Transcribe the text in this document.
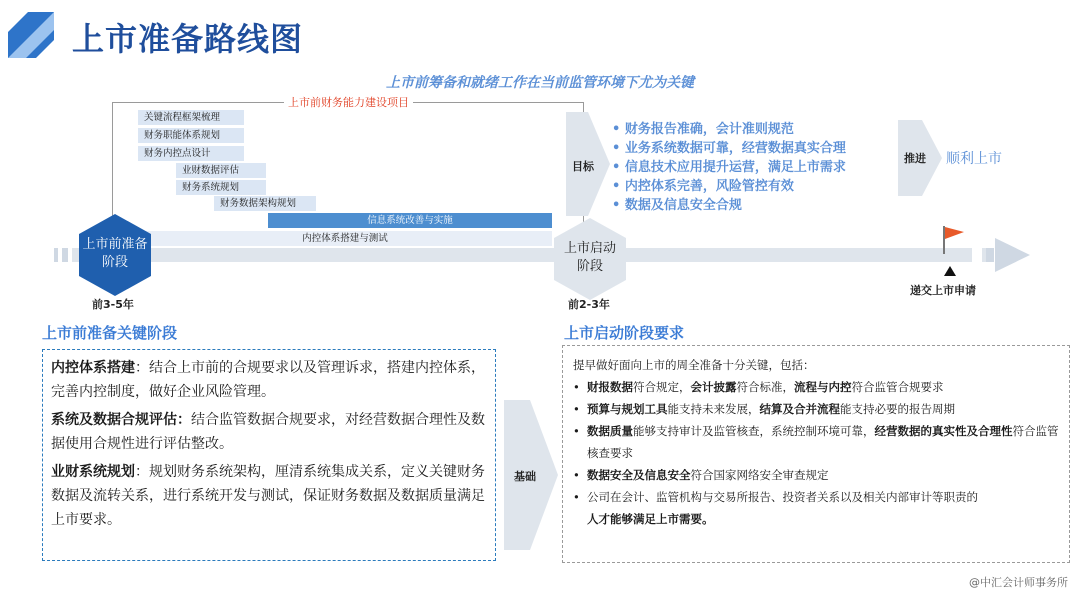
上市准备路线图
上市前筹备和就绪工作在当前监管环境下尤为关键
上市前财务能力建设项目
关键流程框架梳理
财务职能体系规划
财务内控点设计
业财数据评估
财务系统规划
财务数据架构规划
信息系统改善与实施
内控体系搭建与测试
上市前准备
阶段
前3-5年
上市启动
阶段
前2-3年
递交上市申请
目标
• 财务报告准确，会计准则规范
• 业务系统数据可靠，经营数据真实合理
• 信息技术应用提升运营，满足上市需求
• 内控体系完善，风险管控有效
• 数据及信息安全合规
推进 顺利上市
上市前准备关键阶段

内控体系搭建：结合上市前的合规要求以及管理诉求，搭建内控体系，完善内控制度，做好企业风险管理。

系统及数据合规评估：结合监管数据合规要求，对经营数据合理性及数据使用合规性进行评估整改。

业财系统规划：规划财务系统架构，厘清系统集成关系，定义关键财务数据及流转关系，进行系统开发与测试，保证财务数据及数据质量满足上市要求。

基础
上市启动阶段要求
提早做好面向上市的周全准备十分关键，包括：
• 财报数据符合规定，会计披露符合标准，流程与内控符合监管合规要求
• 预算与规划工具能支持未来发展，结算及合并流程能支持必要的报告周期
• 数据质量能够支持审计及监管核查，系统控制环境可靠，经营数据的真实性及合理性符合监管核查要求
• 数据安全及信息安全符合国家网络安全审查规定
• 公司在会计、监管机构与交易所报告、投资者关系以及相关内部审计等职责的
人才能够满足上市需要。
@中汇会计师事务所
